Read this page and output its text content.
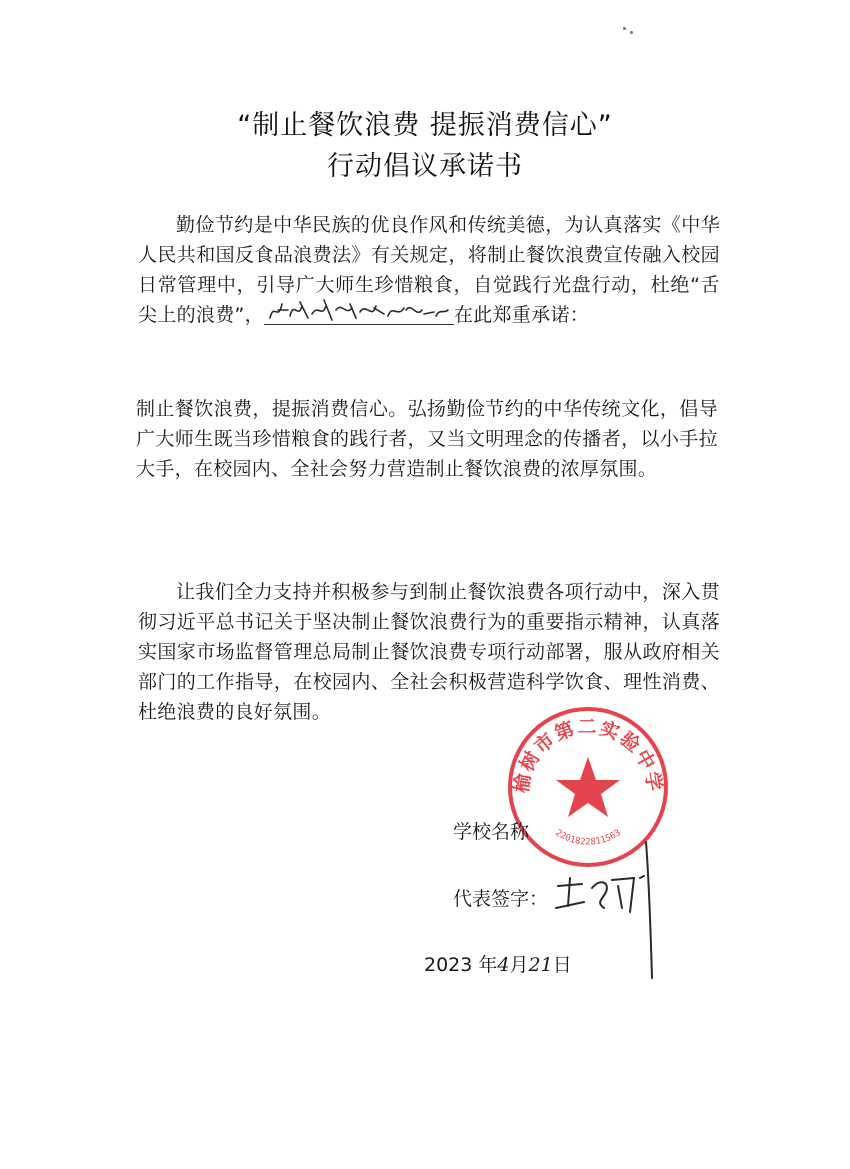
“制止餐饮浪费 提振消费信心”
行动倡议承诺书
勤俭节约是中华民族的优良作风和传统美德，为认真落实《中华人民共和国反食品浪费法》有关规定，将制止餐饮浪费宣传融入校园日常管理中，引导广大师生珍惜粮食，自觉践行光盘行动，杜绝“舌尖上的浪费”，	在此郑重承诺：
制止餐饮浪费，提振消费信心。弘扬勤俭节约的中华传统文化，倡导广大师生既当珍惜粮食的践行者，又当文明理念的传播者，以小手拉大手，在校园内、全社会努力营造制止餐饮浪费的浓厚氛围。
让我们全力支持并积极参与到制止餐饮浪费各项行动中，深入贯彻习近平总书记关于坚决制止餐饮浪费行为的重要指示精神，认真落实国家市场监督管理总局制止餐饮浪费专项行动部署，服从政府相关部门的工作指导，在校园内、全社会积极营造科学饮食、理性消费、杜绝浪费的良好氛围。
榆树市第二实验中学
2201822811563
学校名称
代表签字：
2023 年4月21日
